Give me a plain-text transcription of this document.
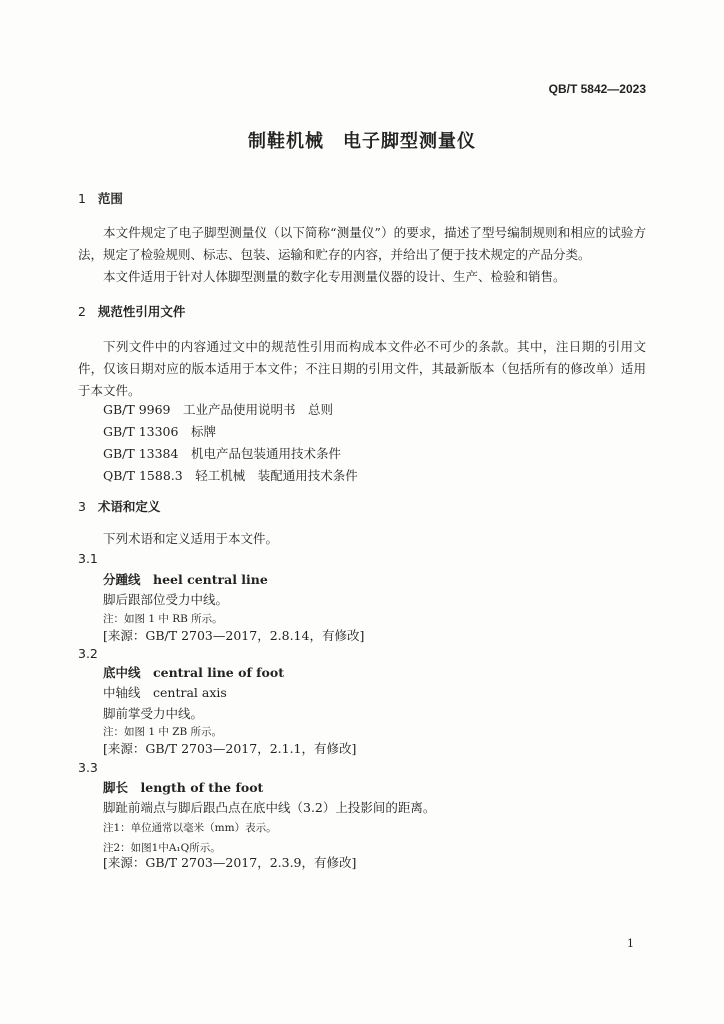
QB/T 5842—2023
制鞋机械　电子脚型测量仪
1 范围
本文件规定了电子脚型测量仪（以下简称“测量仪”）的要求，描述了型号编制规则和相应的试验方法，规定了检验规则、标志、包装、运输和贮存的内容，并给出了便于技术规定的产品分类。
本文件适用于针对人体脚型测量的数字化专用测量仪器的设计、生产、检验和销售。
2 规范性引用文件
下列文件中的内容通过文中的规范性引用而构成本文件必不可少的条款。其中，注日期的引用文件，仅该日期对应的版本适用于本文件；不注日期的引用文件，其最新版本（包括所有的修改单）适用于本文件。
GB/T 9969　工业产品使用说明书　总则
GB/T 13306　标牌
GB/T 13384　机电产品包装通用技术条件
QB/T 1588.3　轻工机械　装配通用技术条件
3 术语和定义
下列术语和定义适用于本文件。
3.1
分踵线　heel central line
脚后跟部位受力中线。
注：如图 1 中 RB 所示。
[来源：GB/T 2703—2017，2.8.14，有修改]
3.2
底中线　central line of foot
中轴线　central axis
脚前掌受力中线。
注：如图 1 中 ZB 所示。
[来源：GB/T 2703—2017，2.1.1，有修改]
3.3
脚长　length of the foot
脚趾前端点与脚后跟凸点在底中线（3.2）上投影间的距离。
注1：单位通常以毫米（mm）表示。
注2：如图1中A₁Q所示。
[来源：GB/T 2703—2017，2.3.9，有修改]
1
